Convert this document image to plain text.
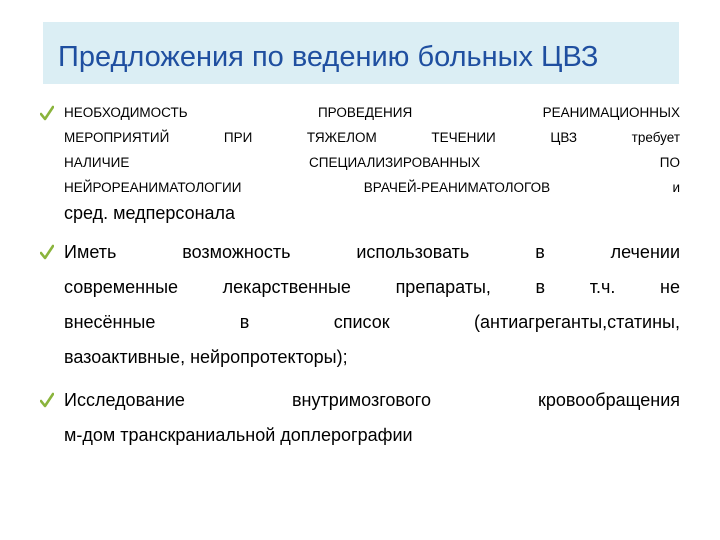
Предложения по ведению больных ЦВЗ
НЕОБХОДИМОСТЬ ПРОВЕДЕНИЯ РЕАНИМАЦИОННЫХ
МЕРОПРИЯТИЙ ПРИ ТЯЖЕЛОМ ТЕЧЕНИИ ЦВЗ требует
НАЛИЧИЕ СПЕЦИАЛИЗИРОВАННЫХ ПО
НЕЙРОРЕАНИМАТОЛОГИИ ВРАЧЕЙ-РЕАНИМАТОЛОГОВ и
сред. медперсонала
Иметь возможность использовать в лечении
современные лекарственные препараты, в т.ч. не
внесённые в список (антиагреганты,статины,
вазоактивные, нейропротекторы);
Исследование внутримозгового кровообращения
м-дом транскраниальной доплерографии
